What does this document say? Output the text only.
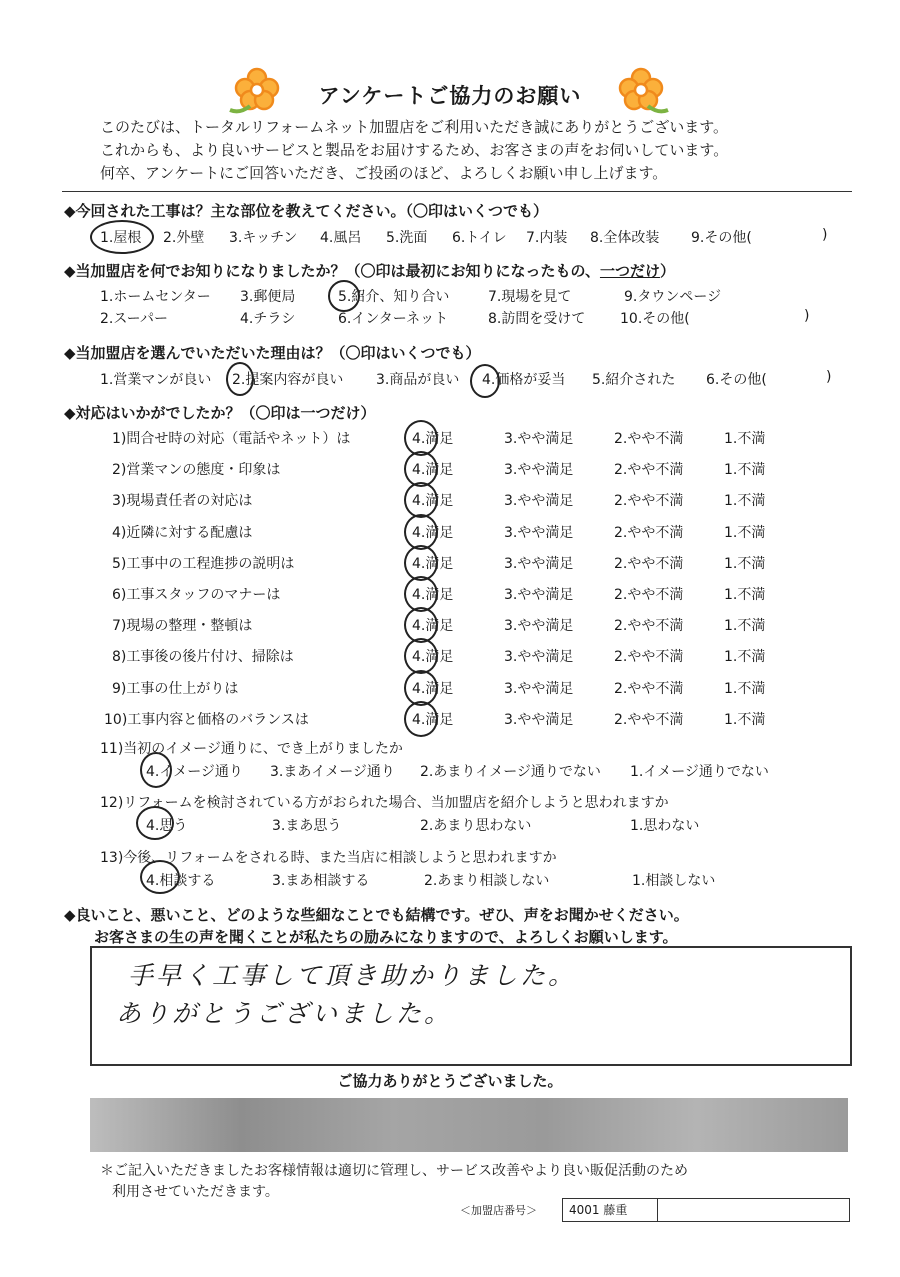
アンケートご協力のお願い
このたびは、トータルリフォームネット加盟店をご利用いただき誠にありがとうございます。
これからも、より良いサービスと製品をお届けするため、お客さまの声をお伺いしています。
何卒、アンケートにご回答いただき、ご投函のほど、よろしくお願い申し上げます。
◆今回された工事は？主な部位を教えてください。（〇印はいくつでも）
1.屋根 2.外壁 3.キッチン 4.風呂 5.洗面 6.トイレ 7.内装 8.全体改装 9.その他(	)
◆当加盟店を何でお知りになりましたか？（〇印は最初にお知りになったもの、一つだけ）
1.ホームセンター 3.郵便局	5.紹介、知り合い	7.現場を見て	9.タウンページ
2.スーパー	4.チラシ	6.インターネット	8.訪問を受けて 10.その他(	)
◆当加盟店を選んでいただいた理由は？（〇印はいくつでも）
1.営業マンが良い 2.提案内容が良い 3.商品が良い 4.価格が妥当 5.紹介された 6.その他(	)
◆対応はいかがでしたか？（〇印は一つだけ）
1)問合せ時の対応（電話やネット）は	4.満足	3.やや満足	2.やや不満	1.不満
2)営業マンの態度・印象は	4.満足	3.やや満足	2.やや不満	1.不満
3)現場責任者の対応は	4.満足	3.やや満足	2.やや不満	1.不満
4)近隣に対する配慮は	4.満足	3.やや満足	2.やや不満	1.不満
5)工事中の工程進捗の説明は	4.満足	3.やや満足	2.やや不満	1.不満
6)工事スタッフのマナーは	4.満足	3.やや満足	2.やや不満	1.不満
7)現場の整理・整頓は	4.満足	3.やや満足	2.やや不満	1.不満
8)工事後の後片付け、掃除は	4.満足	3.やや満足	2.やや不満	1.不満
9)工事の仕上がりは	4.満足	3.やや満足	2.やや不満	1.不満
10)工事内容と価格のバランスは	4.満足	3.やや満足	2.やや不満	1.不満
11)当初のイメージ通りに、でき上がりましたか
4.イメージ通り 3.まあイメージ通り 2.あまりイメージ通りでない 1.イメージ通りでない
12)リフォームを検討されている方がおられた場合、当加盟店を紹介しようと思われますか
4.思う	3.まあ思う	2.あまり思わない	1.思わない
13)今後、リフォームをされる時、また当店に相談しようと思われますか
4.相談する	3.まあ相談する	2.あまり相談しない	1.相談しない
◆良いこと、悪いこと、どのような些細なことでも結構です。ぜひ、声をお聞かせください。
お客さまの生の声を聞くことが私たちの励みになりますので、よろしくお願いします。
手早く工事して頂き助かりました。
ありがとうございました。
ご協力ありがとうございました。
＊ご記入いただきましたお客様情報は適切に管理し、サービス改善やより良い販促活動のため
利用させていただきます。
＜加盟店番号＞	4001 藤重
